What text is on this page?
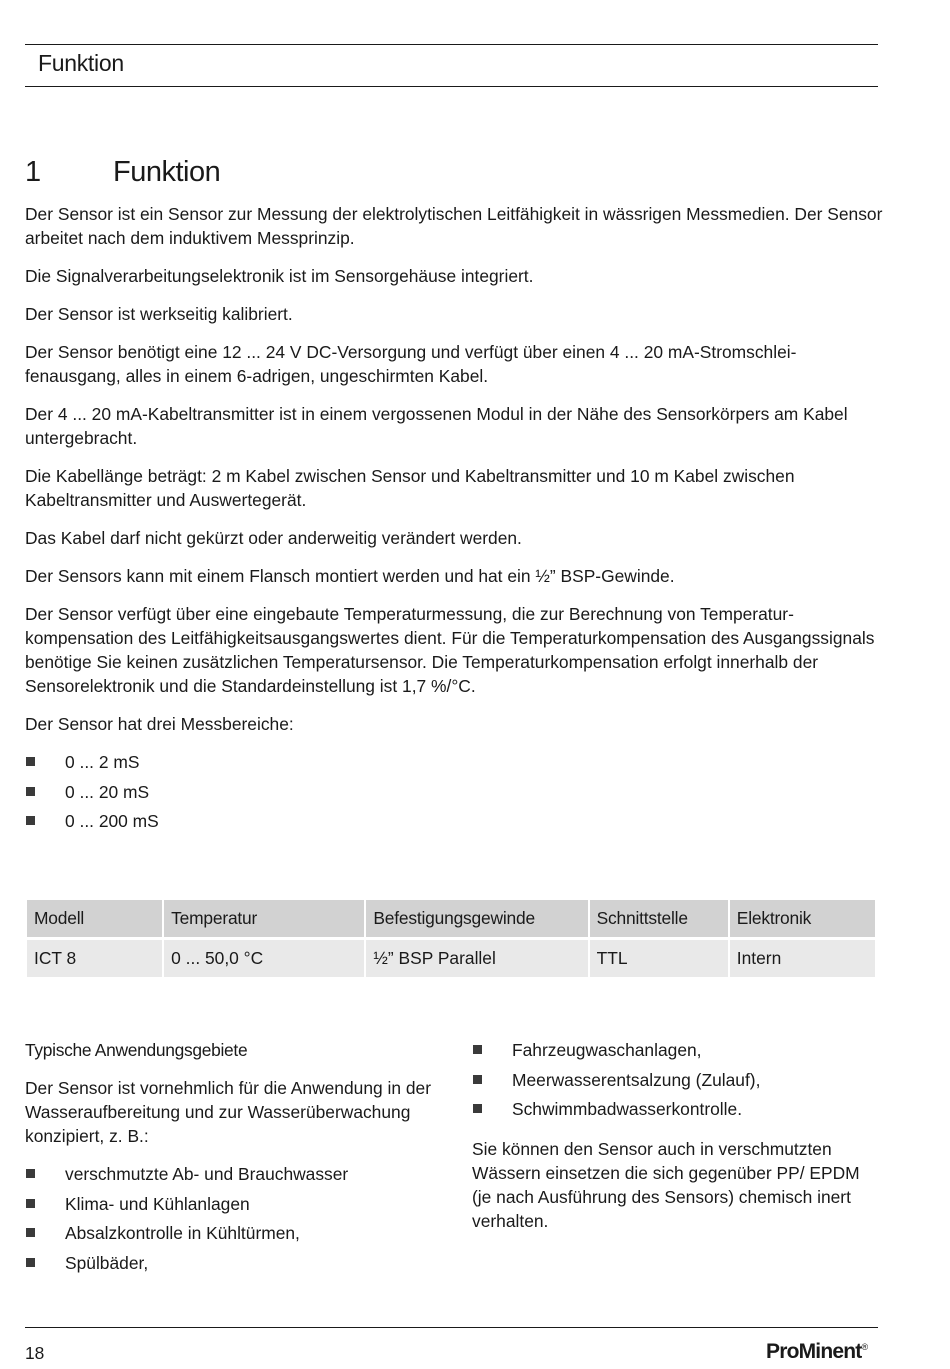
Funktion
1 Funktion

Der Sensor ist ein Sensor zur Messung der elektrolytischen Leitfähigkeit in wässrigen Messmedien. Der Sensor arbeitet nach dem induktivem Messprinzip.

Die Signalverarbeitungselektronik ist im Sensorgehäuse integriert.

Der Sensor ist werkseitig kalibriert.

Der Sensor benötigt eine 12 ... 24 V DC-Versorgung und verfügt über einen 4 ... 20 mA-Stromschleifenausgang, alles in einem 6-adrigen, ungeschirmten Kabel.

Der 4 ... 20 mA-Kabeltransmitter ist in einem vergossenen Modul in der Nähe des Sensorkörpers am Kabel untergebracht.

Die Kabellänge beträgt: 2 m Kabel zwischen Sensor und Kabeltransmitter und 10 m Kabel zwischen Kabeltransmitter und Auswertegerät.

Das Kabel darf nicht gekürzt oder anderweitig verändert werden.

Der Sensors kann mit einem Flansch montiert werden und hat ein ½” BSP-Gewinde.

Der Sensor verfügt über eine eingebaute Temperaturmessung, die zur Berechnung von Temperaturkompensation des Leitfähigkeitsausgangswertes dient. Für die Temperaturkompensation des Ausgangssignals benötige Sie keinen zusätzlichen Temperatursensor. Die Temperaturkompensation erfolgt innerhalb der Sensorelektronik und die Standardeinstellung ist 1,7 %/°C.

Der Sensor hat drei Messbereiche:

0 ... 2 mS
0 ... 20 mS
0 ... 200 mS
Modell	Temperatur	Befestigungsgewinde	Schnittstelle	Elektronik
ICT 8	0 ... 50,0 °C	½” BSP Parallel	TTL	Intern
Typische Anwendungsgebiete

Der Sensor ist vornehmlich für die Anwendung in der Wasseraufbereitung und zur Wasserüberwachung konzipiert, z. B.:

verschmutzte Ab- und Brauchwasser
Klima- und Kühlanlagen
Absalzkontrolle in Kühltürmen,
Spülbäder,
Fahrzeugwaschanlagen,
Meerwasserentsalzung (Zulauf),
Schwimmbadwasserkontrolle.

Sie können den Sensor auch in verschmutzten Wässern einsetzen die sich gegenüber PP/ EPDM (je nach Ausführung des Sensors) chemisch inert verhalten.

18	ProMinent®
